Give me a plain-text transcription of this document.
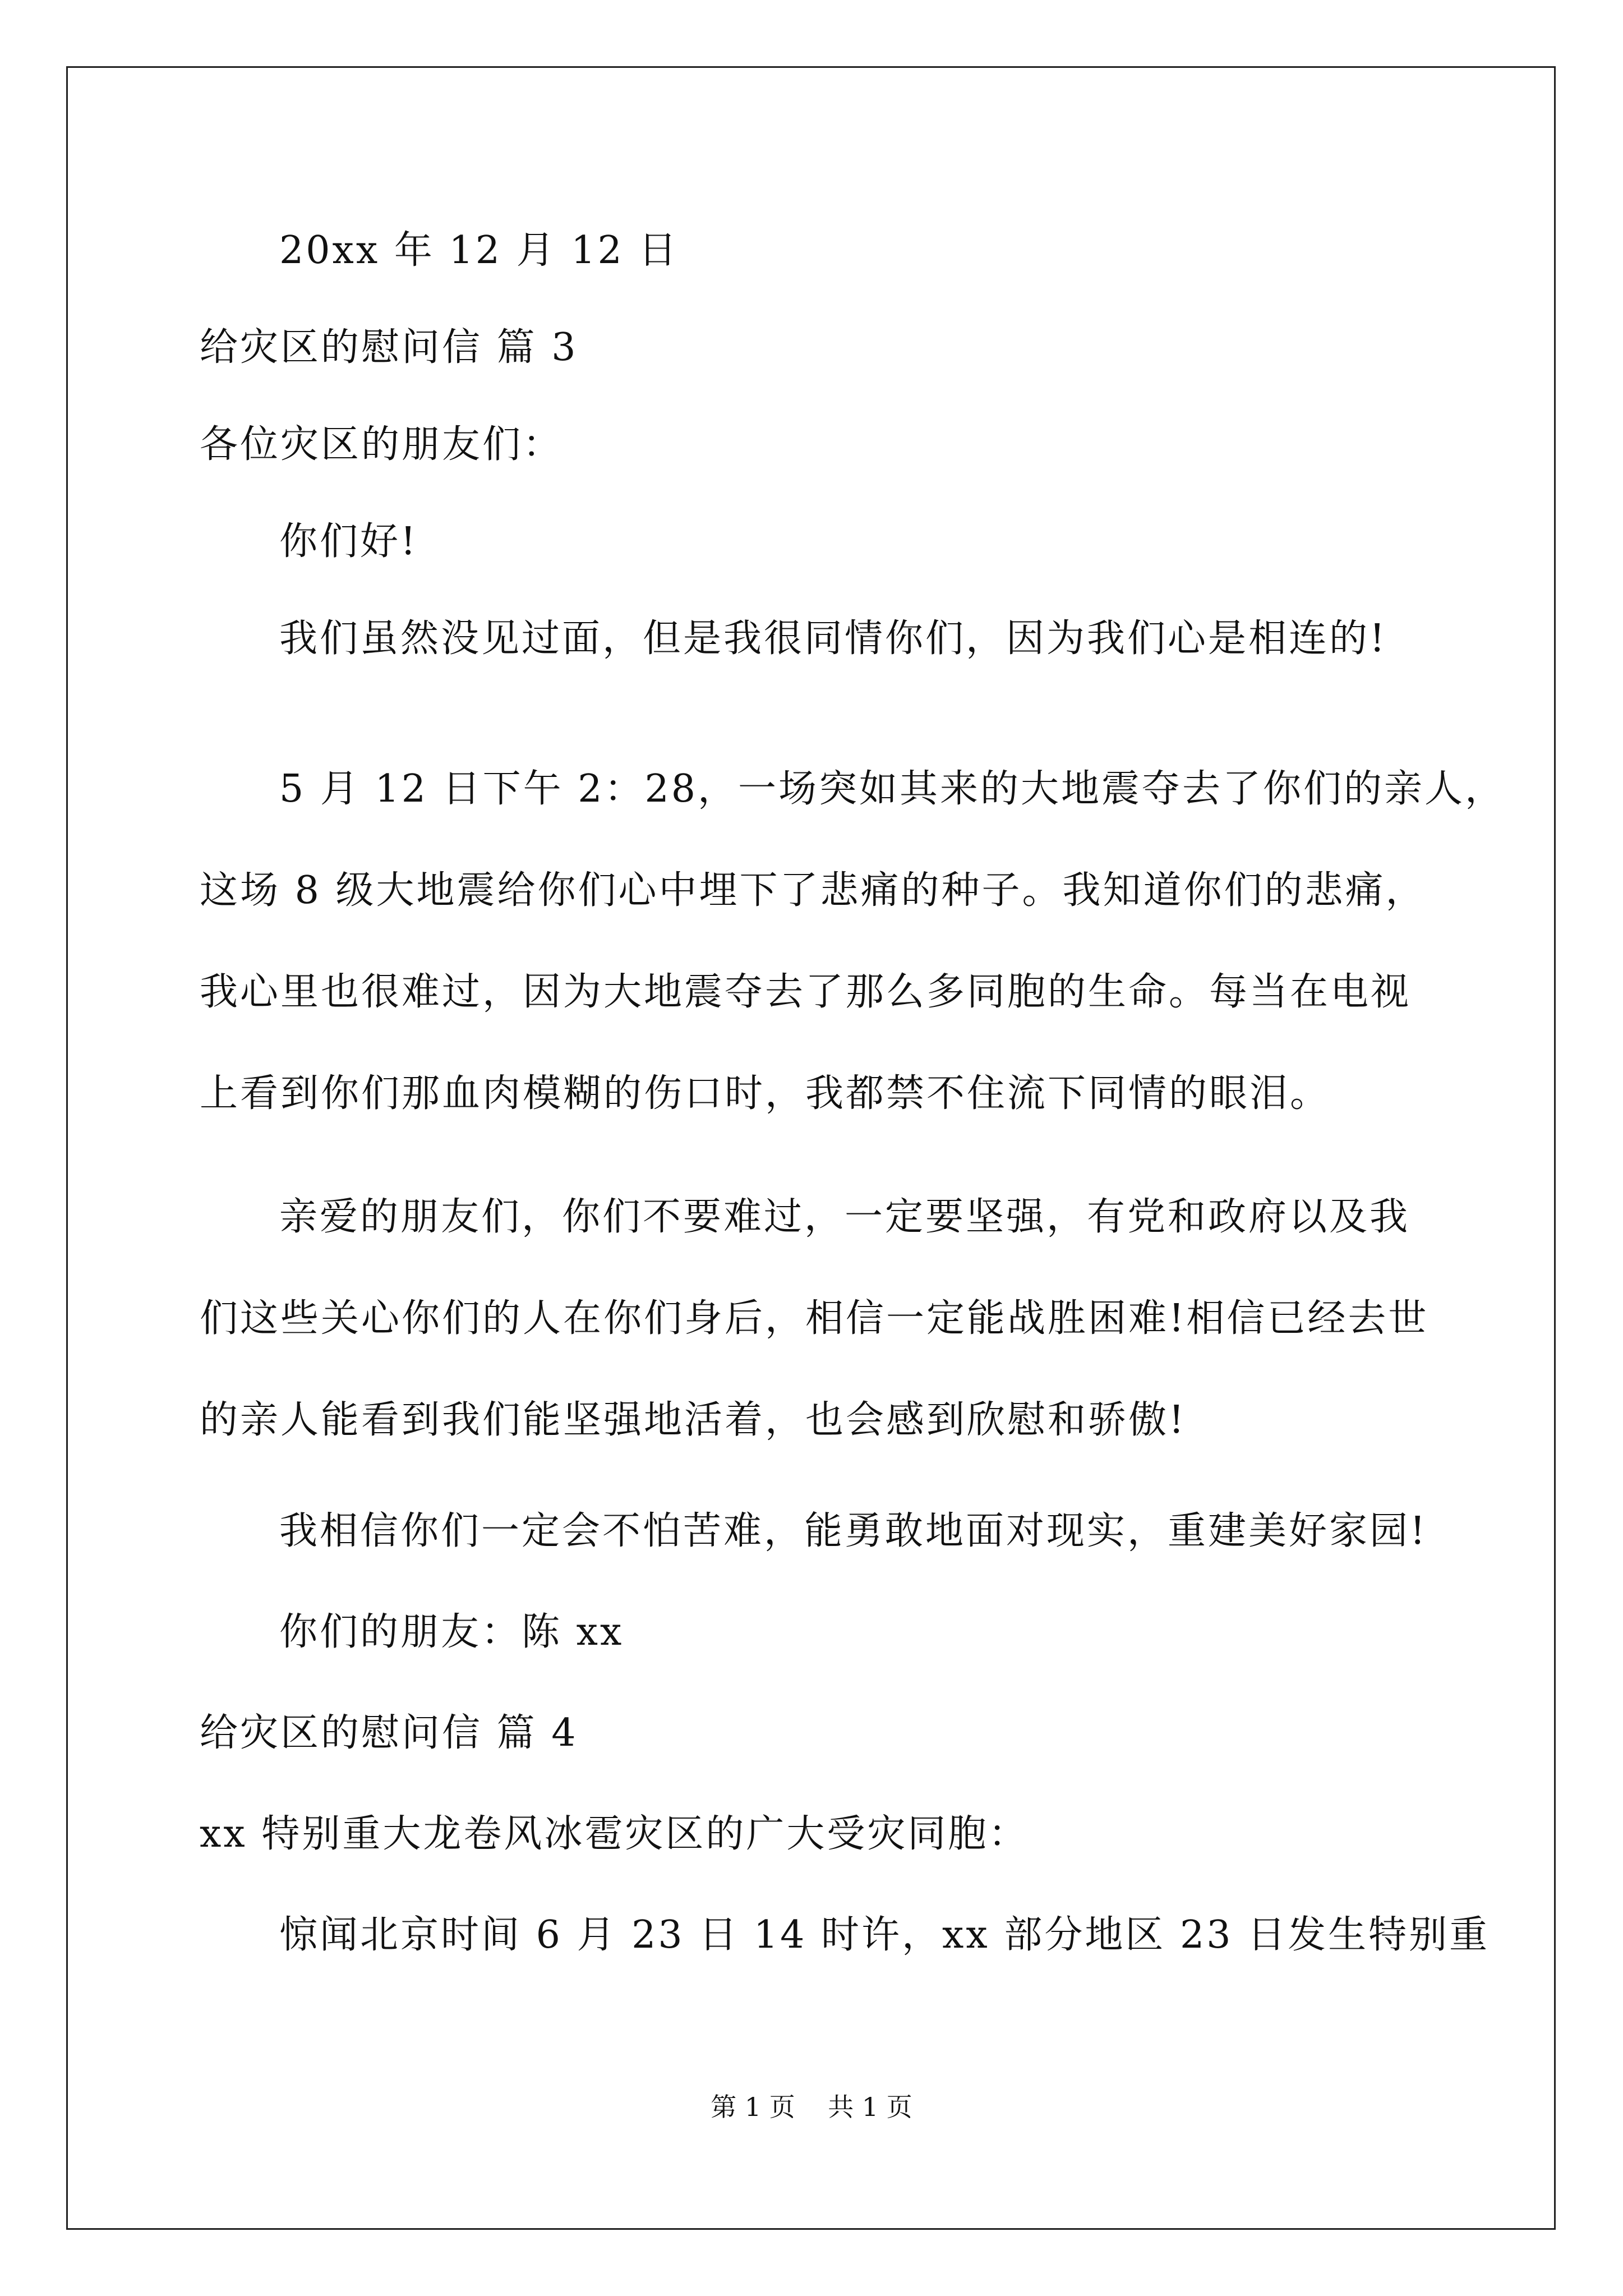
20xx 年 12 月 12 日
给灾区的慰问信 篇 3
各位灾区的朋友们：
你们好!
我们虽然没见过面，但是我很同情你们，因为我们心是相连的!
5 月 12 日下午 2：28，一场突如其来的大地震夺去了你们的亲人，
这场 8 级大地震给你们心中埋下了悲痛的种子。我知道你们的悲痛，
我心里也很难过，因为大地震夺去了那么多同胞的生命。每当在电视
上看到你们那血肉模糊的伤口时，我都禁不住流下同情的眼泪。
亲爱的朋友们，你们不要难过，一定要坚强，有党和政府以及我
们这些关心你们的人在你们身后，相信一定能战胜困难!相信已经去世
的亲人能看到我们能坚强地活着，也会感到欣慰和骄傲!
我相信你们一定会不怕苦难，能勇敢地面对现实，重建美好家园!
你们的朋友：陈 xx
给灾区的慰问信 篇 4
xx 特别重大龙卷风冰雹灾区的广大受灾同胞：
惊闻北京时间 6 月 23 日 14 时许，xx 部分地区 23 日发生特别重
第 1 页    共 1 页
